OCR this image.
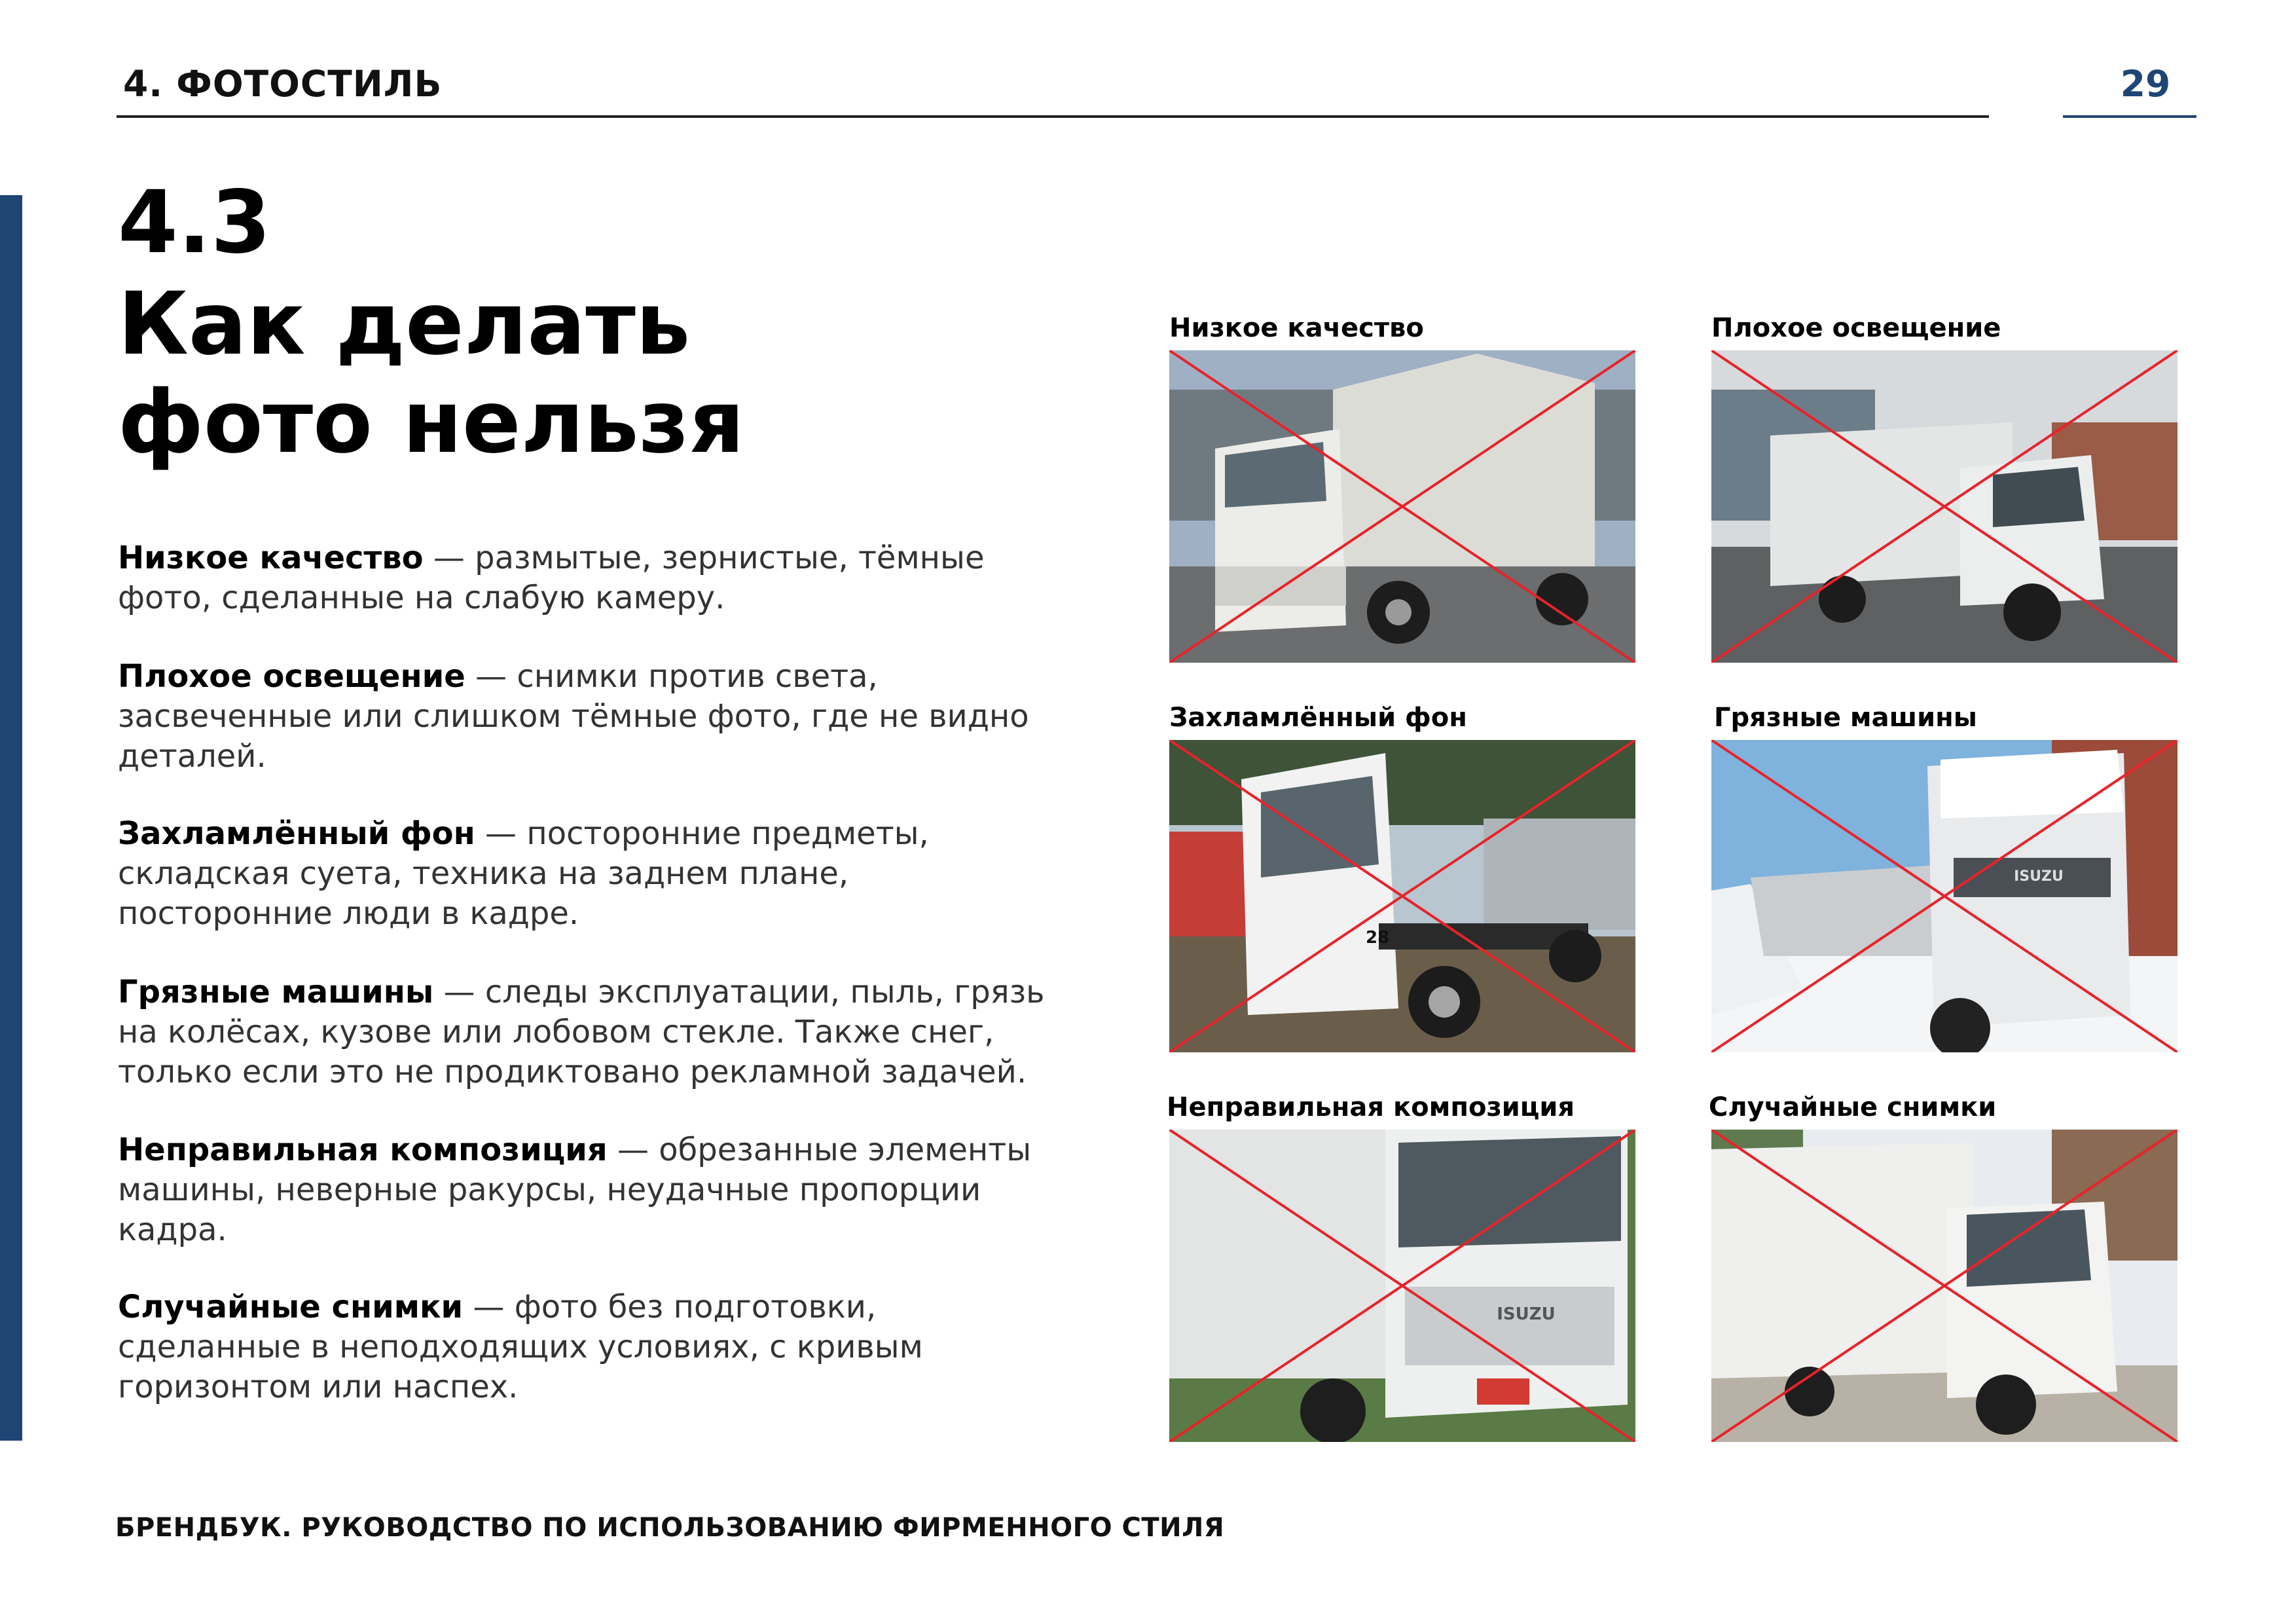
4. ФОТОСТИЛЬ	29
4.3
Как делать
фото нельзя
Низкое качество — размытые, зернистые, тёмные фото, сделанные на слабую камеру.
Плохое освещение — снимки против света, засвеченные или слишком тёмные фото, где не видно деталей.
Захламлённый фон — посторонние предметы, складская суета, техника на заднем плане, посторонние люди в кадре.
Грязные машины — следы эксплуатации, пыль, грязь на колёсах, кузове или лобовом стекле. Также снег, только если это не продиктовано рекламной задачей.
Неправильная композиция — обрезанные элементы машины, неверные ракурсы, неудачные пропорции кадра.
Случайные снимки — фото без подготовки, сделанные в неподходящих условиях, с кривым горизонтом или наспех.
Низкое качество	Плохое освещение
Захламлённый фон
28
Грязные машины
ISUZU
Неправильная композиция
ISUZU
Случайные снимки
БРЕНДБУК. РУКОВОДСТВО ПО ИСПОЛЬЗОВАНИЮ ФИРМЕННОГО СТИЛЯ
